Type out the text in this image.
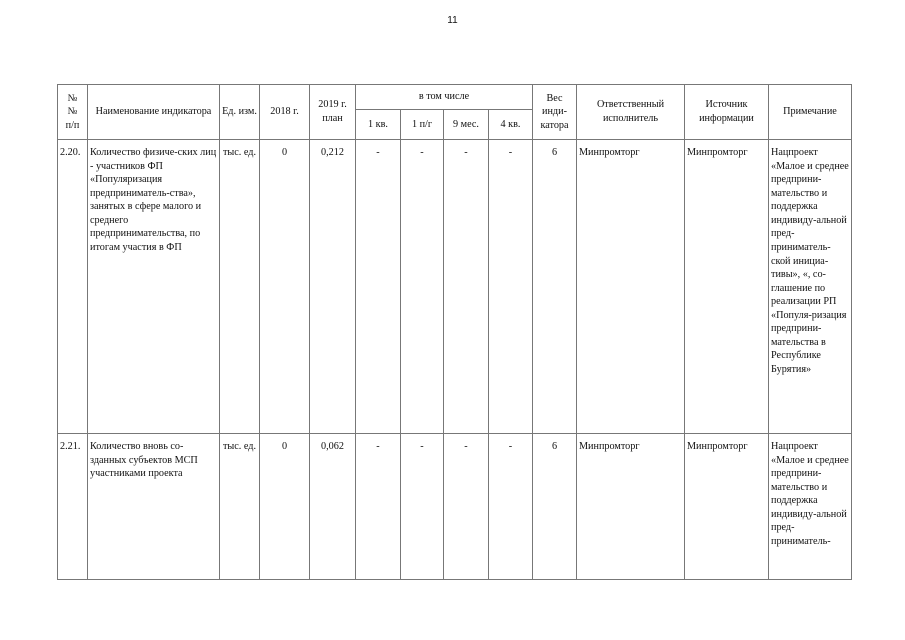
11
№
№
п/п	Наименование индикатора	Ед. изм.	2018 г.	2019 г. план	в том числе				Вес инди-катора	Ответственный исполнитель	Источник информации	Примечание
					1 кв.	1 п/г	9 мес.	4 кв.				
2.20.	Количество физиче-ских лиц - участников ФП «Популяризация предприниматель-ства», занятых в сфере малого и среднего предпринимательства, по итогам участия в ФП	тыс. ед.	0	0,212	-	-	-	-	6	Минпромторг	Минпромторг	Нацпроект «Малое и среднее предприни-мательство и поддержка индивиду-альной пред-приниматель-ской инициа-тивы», «, со-глашение по реализации РП «Популя-ризация предприни-мательства в Республике Бурятия»
2.21.	Количество вновь со-зданных субъектов МСП участниками проекта	тыс. ед.	0	0,062	-	-	-	-	6	Минпромторг	Минпромторг	Нацпроект «Малое и среднее предприни-мательство и поддержка индивиду-альной пред-приниматель-
